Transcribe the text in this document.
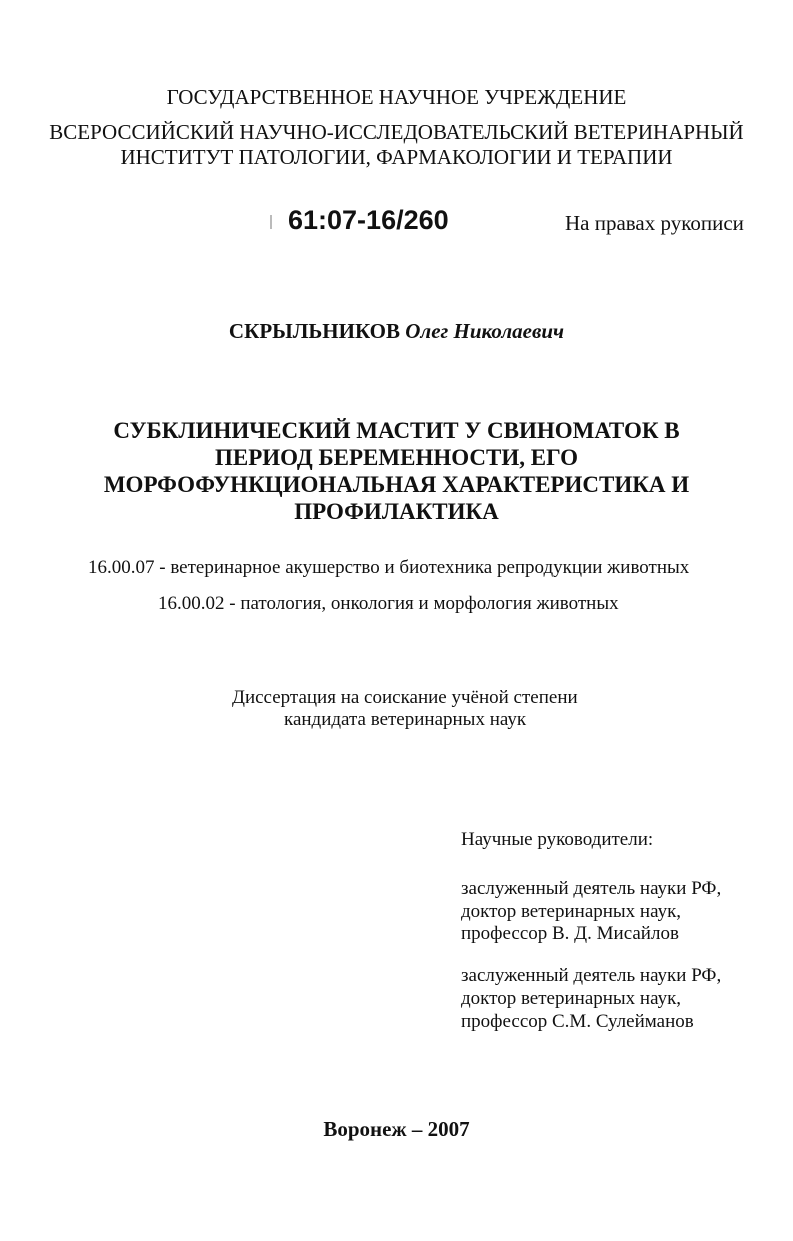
ГОСУДАРСТВЕННОЕ НАУЧНОЕ УЧРЕЖДЕНИЕ
ВСЕРОССИЙСКИЙ НАУЧНО-ИССЛЕДОВАТЕЛЬСКИЙ ВЕТЕРИНАРНЫЙ
ИНСТИТУТ ПАТОЛОГИИ, ФАРМАКОЛОГИИ И ТЕРАПИИ
61:07-16/260	На правах рукописи
СКРЫЛЬНИКОВ Олег Николаевич
СУБКЛИНИЧЕСКИЙ МАСТИТ У СВИНОМАТОК В
ПЕРИОД БЕРЕМЕННОСТИ, ЕГО
МОРФОФУНКЦИОНАЛЬНАЯ ХАРАКТЕРИСТИКА И
ПРОФИЛАКТИКА
16.00.07 - ветеринарное акушерство и биотехника репродукции животных
16.00.02 - патология, онкология и морфология животных
Диссертация на соискание учёной степени
кандидата ветеринарных наук
Научные руководители:
заслуженный деятель науки РФ,
доктор ветеринарных наук,
профессор В. Д. Мисайлов
заслуженный деятель науки РФ,
доктор ветеринарных наук,
профессор С.М. Сулейманов
Воронеж – 2007
